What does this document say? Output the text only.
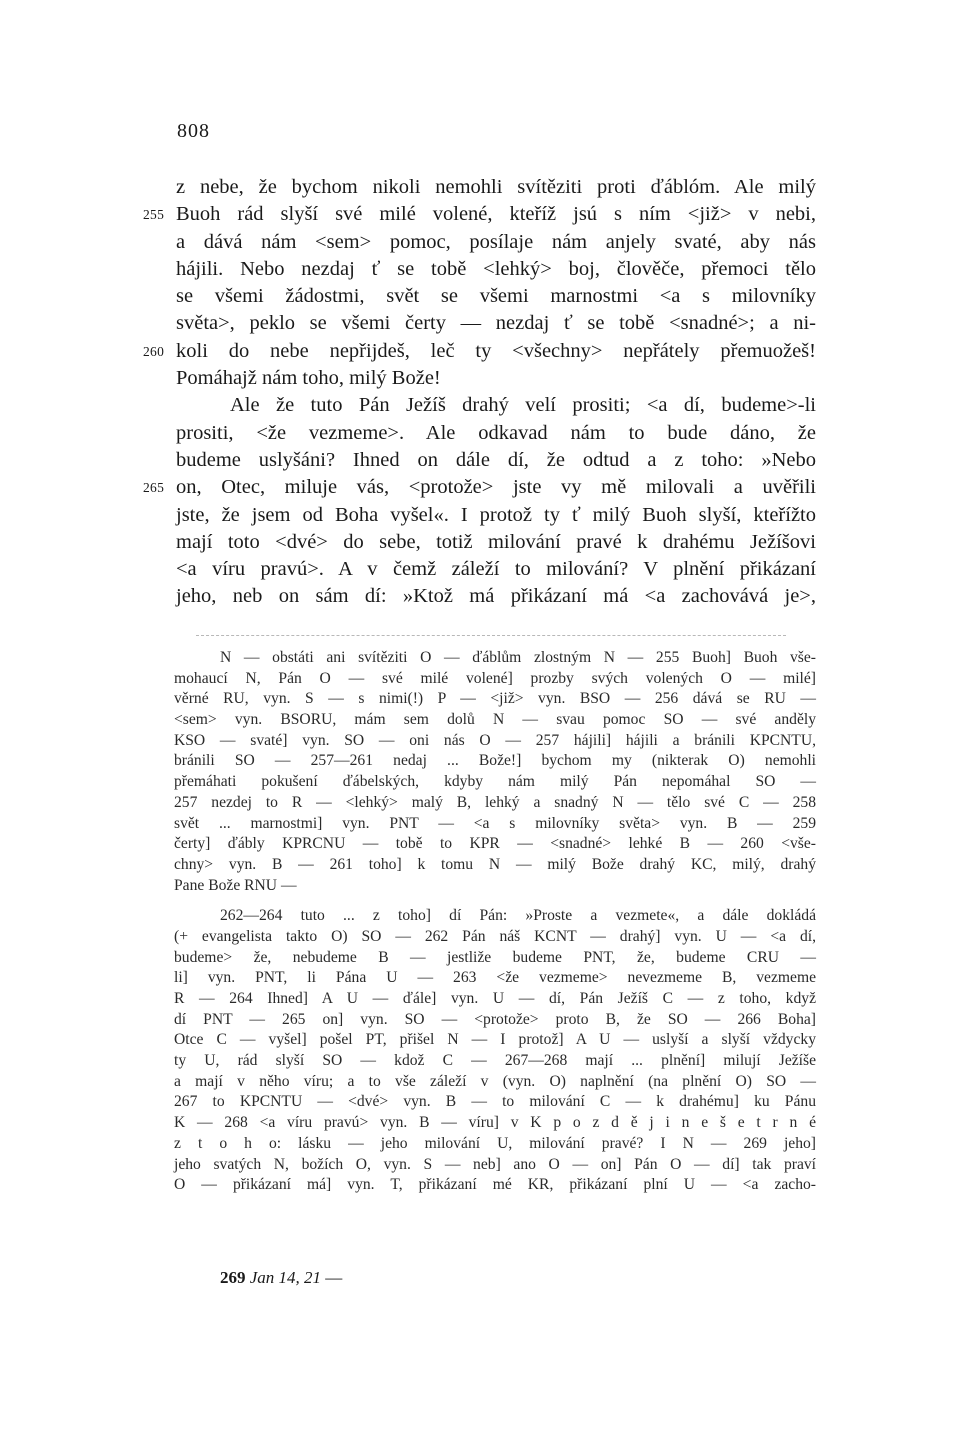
808
z nebe, že bychom nikoli nemohli svítěziti proti ďáblóm. Ale milý
255 Buoh rád slyší své milé volené, kteříž jsú s ním <již> v nebi,
a dává nám <sem> pomoc, posílaje nám anjely svaté, aby nás
hájili. Nebo nezdaj ť se tobě <lehký> boj, člověče, přemoci tělo
se všemi žádostmi, svět se všemi marnostmi <a s milovníky
světa>, peklo se všemi čerty — nezdaj ť se tobě <snadné>; a ni-
260 koli do nebe nepřijdeš, leč ty <všechny> nepřátely přemuožeš!
Pomáhajž nám toho, milý Bože!
Ale že tuto Pán Ježíš drahý velí prositi; <a dí, budeme>-li
prositi, <že vezmeme>. Ale odkavad nám to bude dáno, že
budeme uslyšáni? Ihned on dále dí, že odtud a z toho: »Nebo
265 on, Otec, miluje vás, <protože> jste vy mě milovali a uvěřili
jste, že jsem od Boha vyšel«. I protož ty ť milý Buoh slyší, kteřížto
mají toto <dvé> do sebe, totiž milování pravé k drahému Ježíšovi
<a víru pravú>. A v čemž záleží to milování? V plnění přikázaní
jeho, neb on sám dí: »Ktož má přikázaní má <a zachovává je>,
N — obstáti ani svítěziti O — ďáblům zlostným N — 255 Buoh] Buoh vše-
mohaucí N, Pán O — své milé volené] prozby svých volených O — milé]
věrné RU, vyn. S — s nimi(!) P — <již> vyn. BSO — 256 dává se RU —
<sem> vyn. BSORU, mám sem dolů N — svau pomoc SO — své anděly
KSO — svaté] vyn. SO — oni nás O — 257 hájili] hájili a bránili KPCNTU,
bránili SO — 257—261 nedaj ... Bože!] bychom my (nikterak O) nemohli
přemáhati pokušení ďábelských, kdyby nám milý Pán nepomáhal SO —
257 nezdej to R — <lehký> malý B, lehký a snadný N — tělo své C — 258
svět ... marnostmi] vyn. PNT — <a s milovníky světa> vyn. B — 259
čerty] ďábly KPRCNU — tobě to KPR — <snadné> lehké B — 260 <vše-
chny> vyn. B — 261 toho] k tomu N — milý Bože drahý KC, milý, drahý
Pane Bože RNU —
262—264 tuto ... z toho] dí Pán: »Proste a vezmete«, a dále dokládá
(+ evangelista takto O) SO — 262 Pán náš KCNT — drahý] vyn. U — <a dí,
budeme> že, nebudeme B — jestliže budeme PNT, že, budeme CRU —
li] vyn. PNT, li Pána U — 263 <že vezmeme> nevezmeme B, vezmeme
R — 264 Ihned] A U — ďále] vyn. U — dí, Pán Ježíš C — z toho, když
dí PNT — 265 on] vyn. SO — <protože> proto B, že SO — 266 Boha]
Otce C — vyšel] pošel PT, přišel N — I protož] A U — uslyší a slyší vždycky
ty U, rád slyší SO — kdož C — 267—268 mají ... plnění] milují Ježíše
a mají v něho víru; a to vše záleží v (vyn. O) naplnění (na plnění O) SO —
267 to KPCNTU — <dvé> vyn. B — to milování C — k drahému] ku Pánu
K — 268 <a víru pravú> vyn. B — víru] v K p o z d ě j i n e š e t r n é
z t o h o: lásku — jeho milování U, milování pravé? I N — 269 jeho]
jeho svatých N, božích O, vyn. S — neb] ano O — on] Pán O — dí] tak praví
O — přikázaní má] vyn. T, přikázaní mé KR, přikázaní plní U — <a zacho-
269 Jan 14, 21 —
